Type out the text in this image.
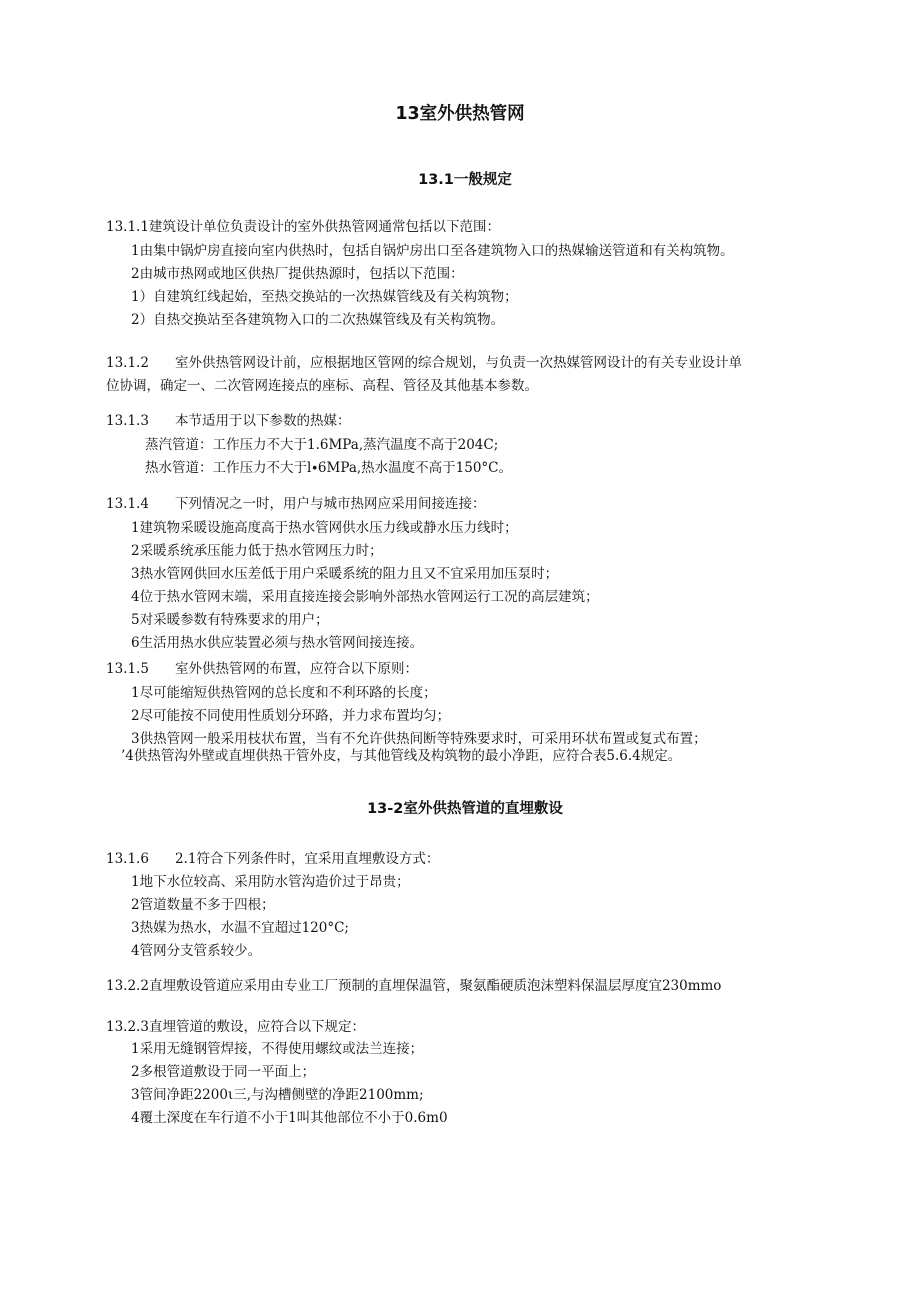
13室外供热管网
13.1一般规定
13.1.1建筑设计单位负责设计的室外供热管网通常包括以下范围：
1由集中锅炉房直接向室内供热时，包括自锅炉房出口至各建筑物入口的热媒输送管道和有关构筑物。
2由城市热网或地区供热厂提供热源时，包括以下范围：
1）自建筑红线起始，至热交换站的一次热媒管线及有关构筑物；
2）自热交换站至各建筑物入口的二次热媒管线及有关构筑物。
13.1.2 室外供热管网设计前，应根据地区管网的综合规划，与负责一次热媒管网设计的有关专业设计单
位协调，确定一、二次管网连接点的座标、高程、管径及其他基本参数。
13.1.3 本节适用于以下参数的热媒：
蒸汽管道：工作压力不大于1.6MPa,蒸汽温度不高于204C;
热水管道：工作压力不大于l∙6MPa,热水温度不高于150°C。
13.1.4 下列情况之一时，用户与城市热网应采用间接连接：
1建筑物采暖设施高度高于热水管网供水压力线或静水压力线时；
2采暖系统承压能力低于热水管网压力时；
3热水管网供回水压差低于用户采暖系统的阻力且又不宜采用加压泵时；
4位于热水管网末端，采用直接连接会影响外部热水管网运行工况的高层建筑；
5对采暖参数有特殊要求的用户；
6生活用热水供应装置必须与热水管网间接连接。
13.1.5 室外供热管网的布置，应符合以下原则：
1尽可能缩短供热管网的总长度和不利环路的长度；
2尽可能按不同使用性质划分环路，并力求布置均匀；
3供热管网一般采用枝状布置，当有不允许供热间断等特殊要求时，可采用环状布置或复式布置；
’4供热管沟外壁或直埋供热干管外皮，与其他管线及构筑物的最小净距，应符合表5.6.4规定。
13-2室外供热管道的直埋敷设
13.1.6 2.1符合下列条件时，宜采用直埋敷设方式：
1地下水位较高、采用防水管沟造价过于昂贵；
2管道数量不多于四根；
3热媒为热水，水温不宜超过120°C;
4管网分支管系较少。
13.2.2直埋敷设管道应采用由专业工厂预制的直埋保温管，聚氨酯硬质泡沫塑料保温层厚度宜230mmo
13.2.3直埋管道的敷设，应符合以下规定：
1采用无缝钢管焊接，不得使用螺纹或法兰连接；
2多根管道敷设于同一平面上；
3管间净距2200ι三,与沟槽侧壁的净距2100mm;
4覆土深度在车行道不小于1叫其他部位不小于0.6m0
